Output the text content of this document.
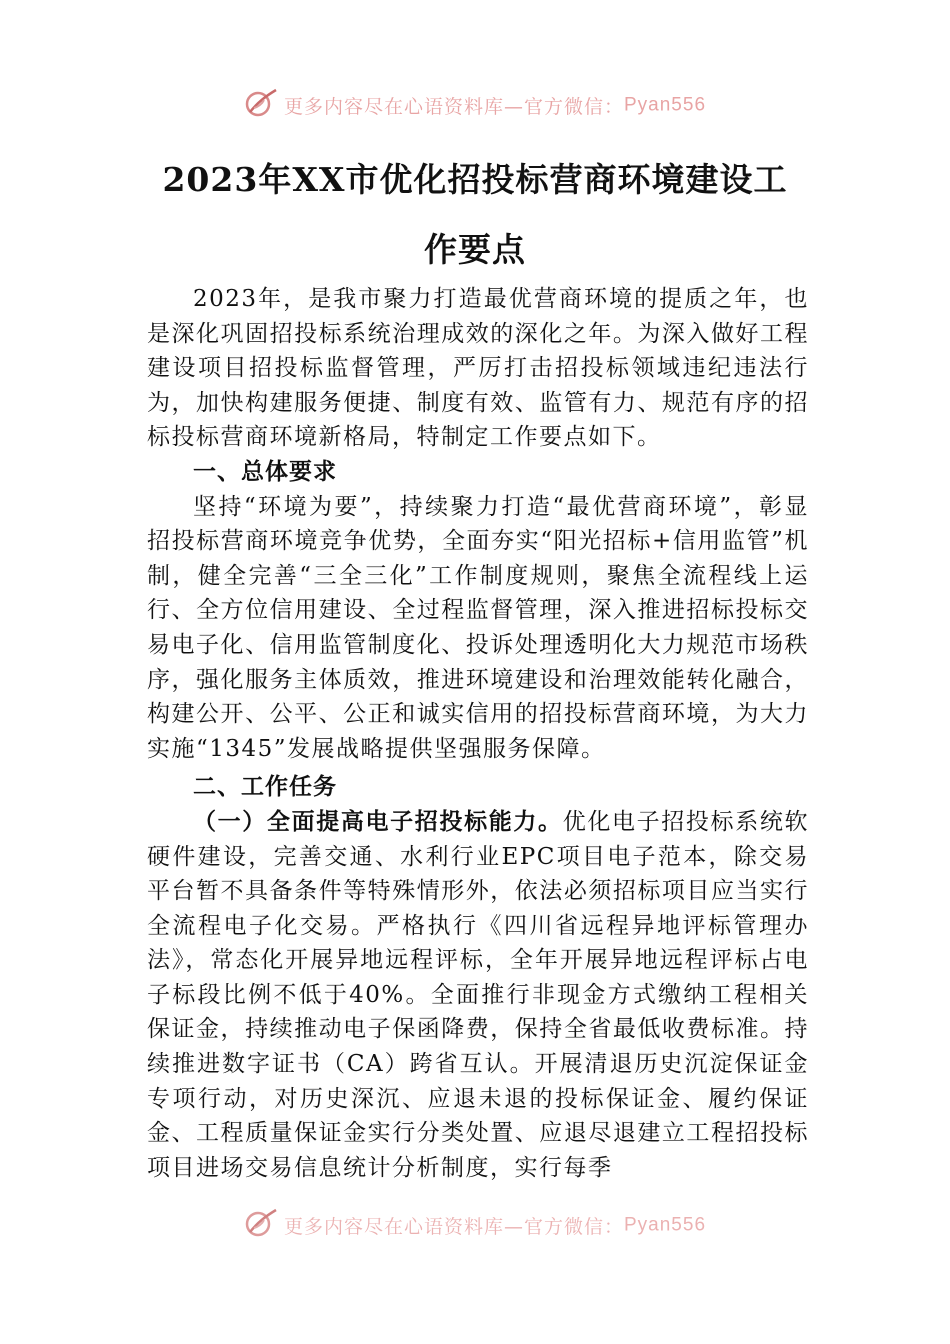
更多内容尽在心语资料库—官方微信：Pyan556
2023年XX市优化招投标营商环境建设工
作要点

2023年，是我市聚力打造最优营商环境的提质之年，也是深化巩固招投标系统治理成效的深化之年。为深入做好工程建设项目招投标监督管理，严厉打击招投标领域违纪违法行为，加快构建服务便捷、制度有效、监管有力、规范有序的招标投标营商环境新格局，特制定工作要点如下。

一、总体要求

坚持“环境为要”，持续聚力打造“最优营商环境”，彰显招投标营商环境竞争优势，全面夯实“阳光招标+信用监管”机制，健全完善“三全三化”工作制度规则，聚焦全流程线上运行、全方位信用建设、全过程监督管理，深入推进招标投标交易电子化、信用监管制度化、投诉处理透明化大力规范市场秩序，强化服务主体质效，推进环境建设和治理效能转化融合，构建公开、公平、公正和诚实信用的招投标营商环境，为大力实施“1345”发展战略提供坚强服务保障。

二、工作任务

（一）全面提高电子招投标能力。优化电子招投标系统软硬件建设，完善交通、水利行业EPC项目电子范本，除交易平台暂不具备条件等特殊情形外，依法必须招标项目应当实行全流程电子化交易。严格执行《四川省远程异地评标管理办法》，常态化开展异地远程评标，全年开展异地远程评标占电子标段比例不低于40%。全面推行非现金方式缴纳工程相关保证金，持续推动电子保函降费，保持全省最低收费标准。持续推进数字证书（CA）跨省互认。开展清退历史沉淀保证金专项行动，对历史深沉、应退未退的投标保证金、履约保证金、工程质量保证金实行分类处置、应退尽退建立工程招投标项目进场交易信息统计分析制度，实行每季

更多内容尽在心语资料库—官方微信：Pyan556
